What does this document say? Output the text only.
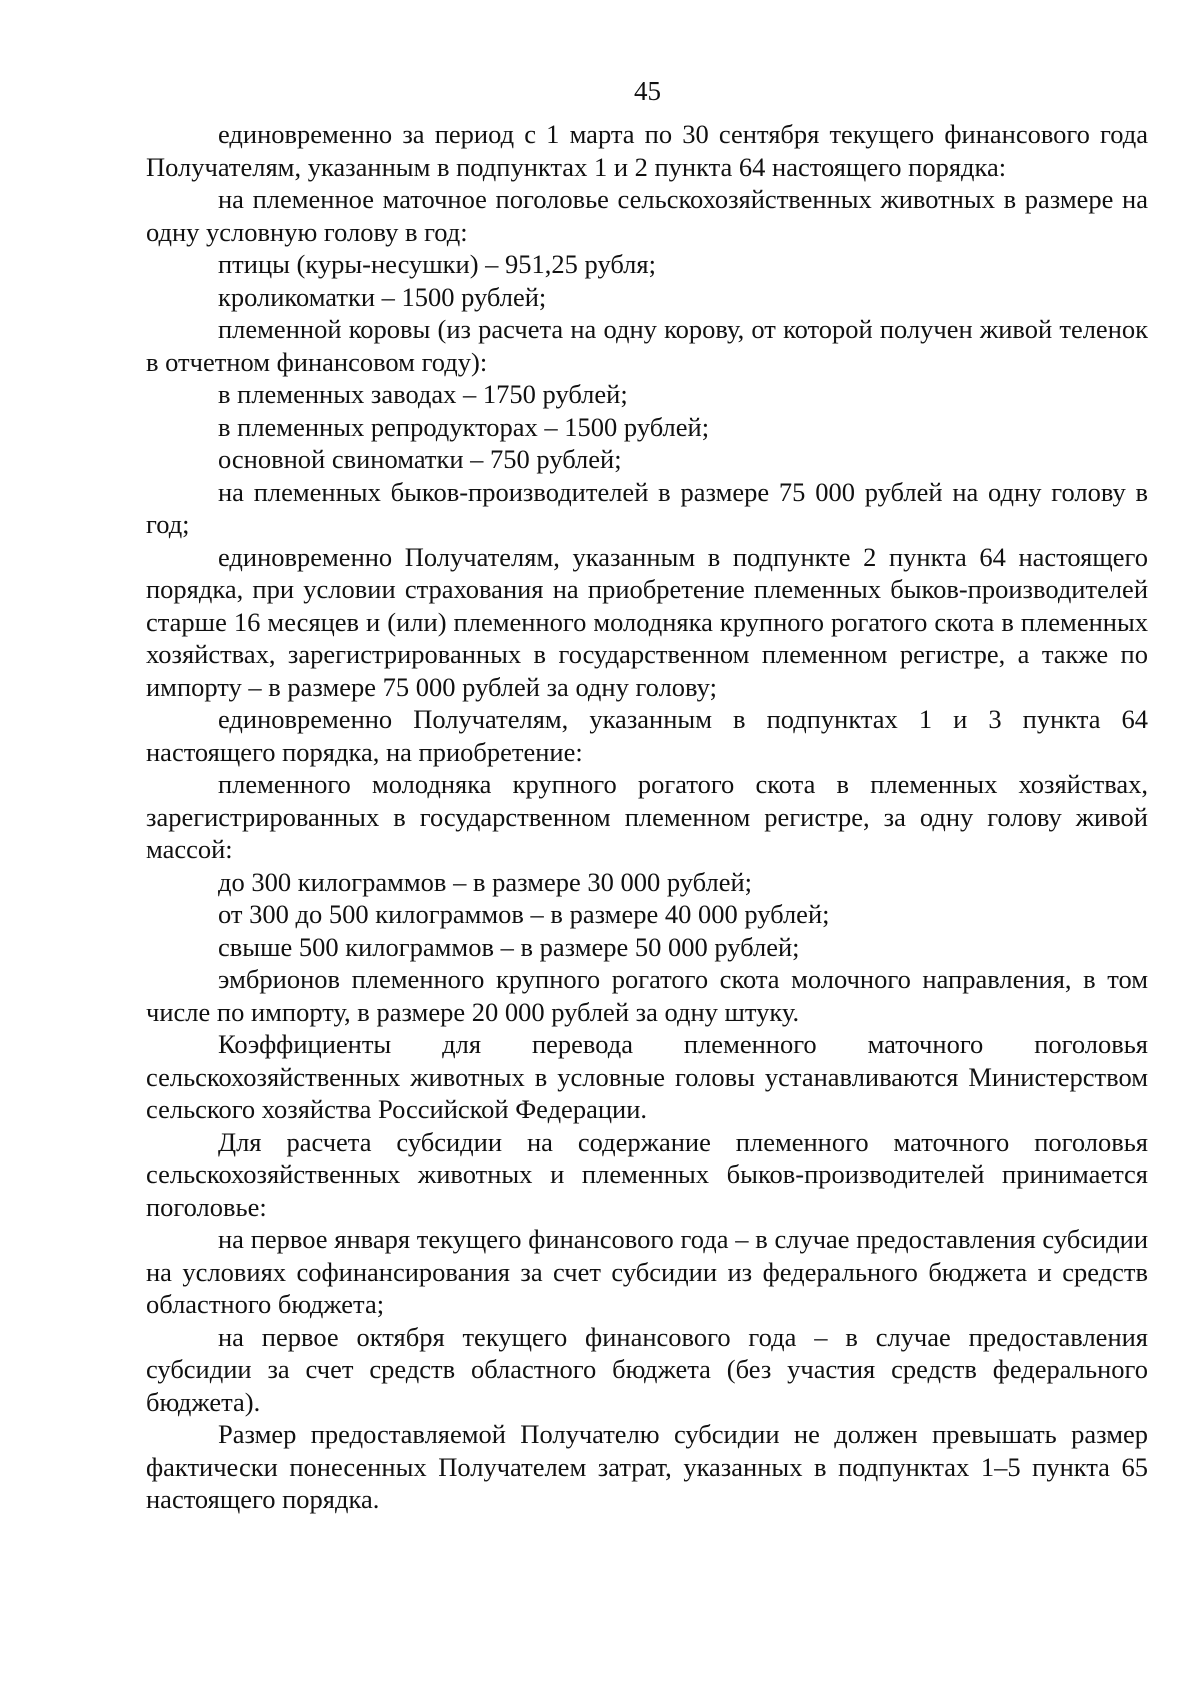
45

единовременно за период с 1 марта по 30 сентября текущего финансового года Получателям, указанным в подпунктах 1 и 2 пункта 64 настоящего порядка:

на племенное маточное поголовье сельскохозяйственных животных в размере на одну условную голову в год:

птицы (куры-несушки) – 951,25 рубля;

кроликоматки – 1500 рублей;

племенной коровы (из расчета на одну корову, от которой получен живой теленок в отчетном финансовом году):

в племенных заводах – 1750 рублей;

в племенных репродукторах – 1500 рублей;

основной свиноматки – 750 рублей;

на племенных быков-производителей в размере 75 000 рублей на одну голову в год;

единовременно Получателям, указанным в подпункте 2 пункта 64 настоящего порядка, при условии страхования на приобретение племенных быков-производителей старше 16 месяцев и (или) племенного молодняка крупного рогатого скота в племенных хозяйствах, зарегистрированных в государственном племенном регистре, а также по импорту – в размере 75 000 рублей за одну голову;

единовременно Получателям, указанным в подпунктах 1 и 3 пункта 64 настоящего порядка, на приобретение:

племенного молодняка крупного рогатого скота в племенных хозяйствах, зарегистрированных в государственном племенном регистре, за одну голову живой массой:

до 300 килограммов – в размере 30 000 рублей;

от 300 до 500 килограммов – в размере 40 000 рублей;

свыше 500 килограммов – в размере 50 000 рублей;

эмбрионов племенного крупного рогатого скота молочного направления, в том числе по импорту, в размере 20 000 рублей за одну штуку.

Коэффициенты для перевода племенного маточного поголовья сельскохозяйственных животных в условные головы устанавливаются Министерством сельского хозяйства Российской Федерации.

Для расчета субсидии на содержание племенного маточного поголовья сельскохозяйственных животных и племенных быков-производителей принимается поголовье:

на первое января текущего финансового года – в случае предоставления субсидии на условиях софинансирования за счет субсидии из федерального бюджета и средств областного бюджета;

на первое октября текущего финансового года – в случае предоставления субсидии за счет средств областного бюджета (без участия средств федерального бюджета).

Размер предоставляемой Получателю субсидии не должен превышать размер фактически понесенных Получателем затрат, указанных в подпунктах 1–5 пункта 65 настоящего порядка.
